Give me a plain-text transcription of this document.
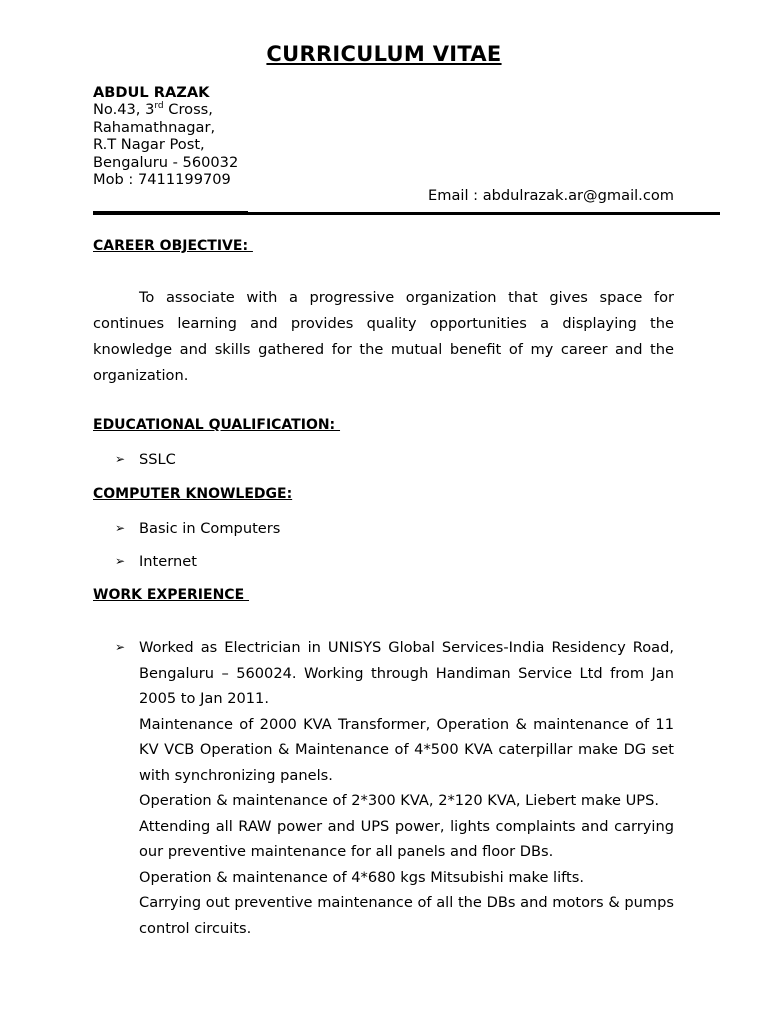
CURRICULUM VITAE
ABDUL RAZAK
No.43, 3rd Cross,
Rahamathnagar,
R.T Nagar Post,
Bengaluru - 560032
Mob : 7411199709
Email : abdulrazak.ar@gmail.com
CAREER OBJECTIVE:
To associate with a progressive organization that gives space for continues learning and provides quality opportunities a displaying the knowledge and skills gathered for the mutual benefit of my career and the organization.
EDUCATIONAL QUALIFICATION:
➢ SSLC
COMPUTER KNOWLEDGE:
➢ Basic in Computers
➢ Internet
WORK EXPERIENCE
➢ Worked as Electrician in UNISYS Global Services-India Residency Road, Bengaluru – 560024. Working through Handiman Service Ltd from Jan 2005 to Jan 2011.

Maintenance of 2000 KVA Transformer, Operation & maintenance of 11 KV VCB Operation & Maintenance of 4*500 KVA caterpillar make DG set with synchronizing panels.

Operation & maintenance of 2*300 KVA, 2*120 KVA, Liebert make UPS.

Attending all RAW power and UPS power, lights complaints and carrying our preventive maintenance for all panels and floor DBs.

Operation & maintenance of 4*680 kgs Mitsubishi make lifts.

Carrying out preventive maintenance of all the DBs and motors & pumps control circuits.
